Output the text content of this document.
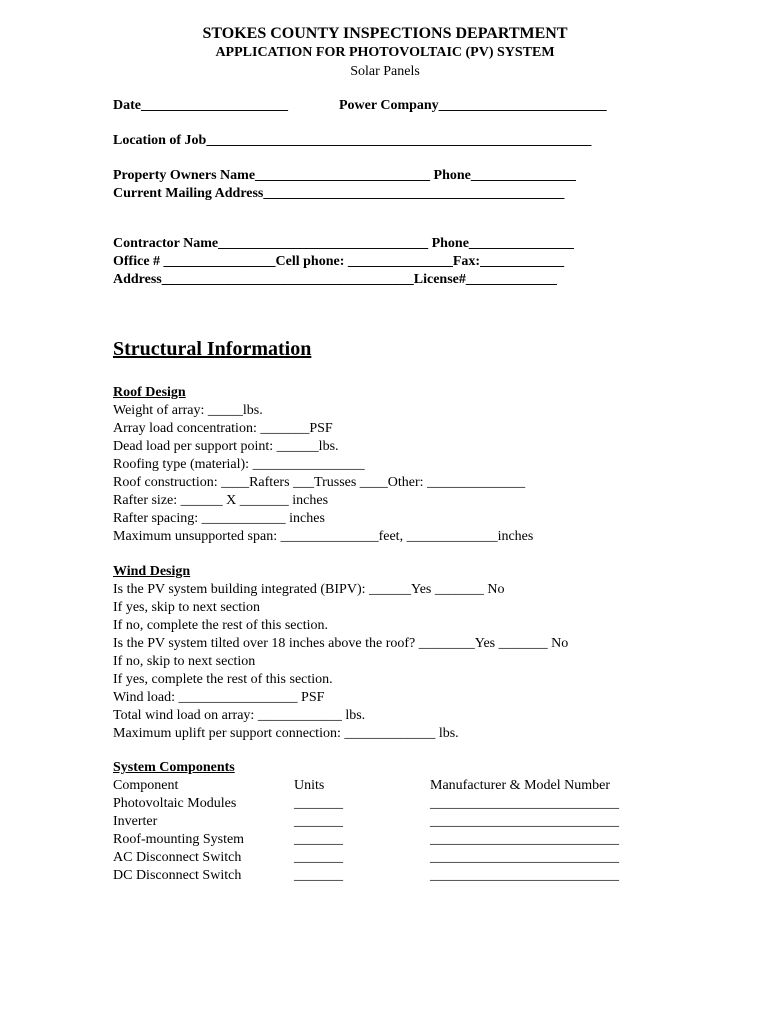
STOKES COUNTY INSPECTIONS DEPARTMENT
APPLICATION FOR PHOTOVOLTAIC (PV) SYSTEM
Solar Panels
Date_____________________	Power Company________________________
Location of Job_______________________________________________________
Property Owners Name_________________________ Phone_______________
Current Mailing Address___________________________________________
Contractor Name______________________________ Phone_______________
Office # ________________Cell phone: _______________Fax:____________
Address____________________________________License#_____________
Structural Information
Roof Design
Weight of array: _____lbs.
Array load concentration: _______PSF
Dead load per support point: ______lbs.
Roofing type (material): ________________
Roof construction: ____Rafters ___Trusses ____Other: ______________
Rafter size: ______ X _______ inches
Rafter spacing: ____________ inches
Maximum unsupported span: ______________feet, _____________inches
Wind Design
Is the PV system building integrated (BIPV): ______Yes _______ No
If yes, skip to next section
If no, complete the rest of this section.
Is the PV system tilted over 18 inches above the roof? ________Yes _______ No
If no, skip to next section
If yes, complete the rest of this section.
Wind load: _________________ PSF
Total wind load on array: ____________ lbs.
Maximum uplift per support connection: _____________ lbs.
System Components
Component	Units	Manufacturer & Model Number
Photovoltaic Modules	_______	___________________________
Inverter	_______	___________________________
Roof-mounting System	_______	___________________________
AC Disconnect Switch	_______	___________________________
DC Disconnect Switch	_______	___________________________
